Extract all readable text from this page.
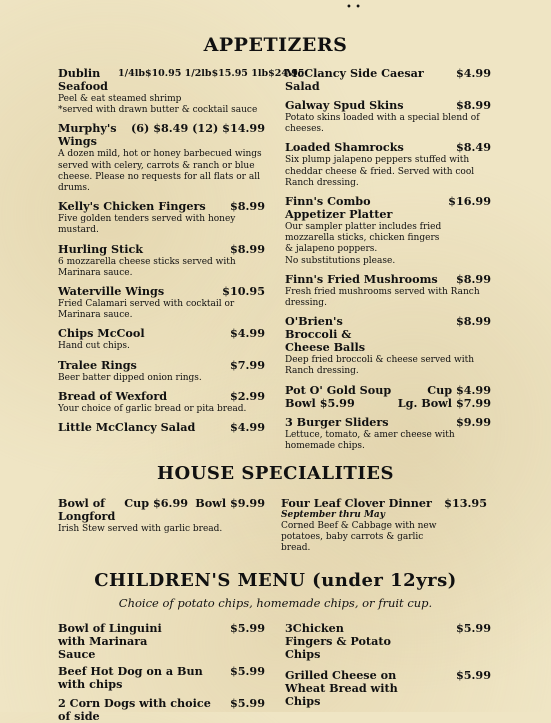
• •
APPETIZERS
Dublin Seafood
1/4lb$10.95 1/2lb$15.95 1lb$24.95
Peel & eat steamed shrimp
*served with drawn butter & cocktail sauce
Murphy's Wings
(6) $8.49 (12) $14.99
A dozen mild, hot or honey barbecued wings served with celery, carrots & ranch or blue cheese. Please no requests for all flats or all drums.
Kelly's Chicken Fingers	$8.99
Five golden tenders served with honey mustard.
Hurling Stick	$8.99
6 mozzarella cheese sticks served with Marinara sauce.
Waterville Wings	$10.95
Fried Calamari served with cocktail or Marinara sauce.
Chips McCool	$4.99
Hand cut chips.
Tralee Rings	$7.99
Beer batter dipped onion rings.
Bread of Wexford	$2.99
Your choice of garlic bread or pita bread.
Little McClancy Salad	$4.99
McClancy Side Caesar Salad
$4.99
Galway Spud Skins	$8.99
Potato skins loaded with a special blend of cheeses.
Loaded Shamrocks	$8.49
Six plump jalapeno peppers stuffed with cheddar cheese & fried. Served with cool Ranch dressing.
Finn's Combo Appetizer Platter
$16.99
Our sampler platter includes fried mozzarella sticks, chicken fingers & jalapeno poppers.
No substitutions please.
Finn's Fried Mushrooms	$8.99
Fresh fried mushrooms served with Ranch dressing.
O'Brien's Broccoli & Cheese Balls
$8.99
Deep fried broccoli & cheese served with Ranch dressing.
Pot O' Gold Soup	Cup $4.99
Bowl $5.99	Lg. Bowl $7.99
3 Burger Sliders	$9.99
Lettuce, tomato, & amer cheese with homemade chips.
HOUSE SPECIALITIES
Bowl of Longford
Cup $6.99 Bowl $9.99
Irish Stew served with garlic bread.
Four Leaf Clover Dinner	$13.95
September thru May
Corned Beef & Cabbage with new potatoes, baby carrots & garlic bread.
CHILDREN'S MENU (under 12yrs)
Choice of potato chips, homemade chips, or fruit cup.
Bowl of Linguini with Marinara Sauce
$5.99
Beef Hot Dog on a Bun with chips
$5.99
2 Corn Dogs with choice of side
$5.99
3Chicken Fingers & Potato Chips
$5.99
Grilled Cheese on Wheat Bread with Chips
$5.99
